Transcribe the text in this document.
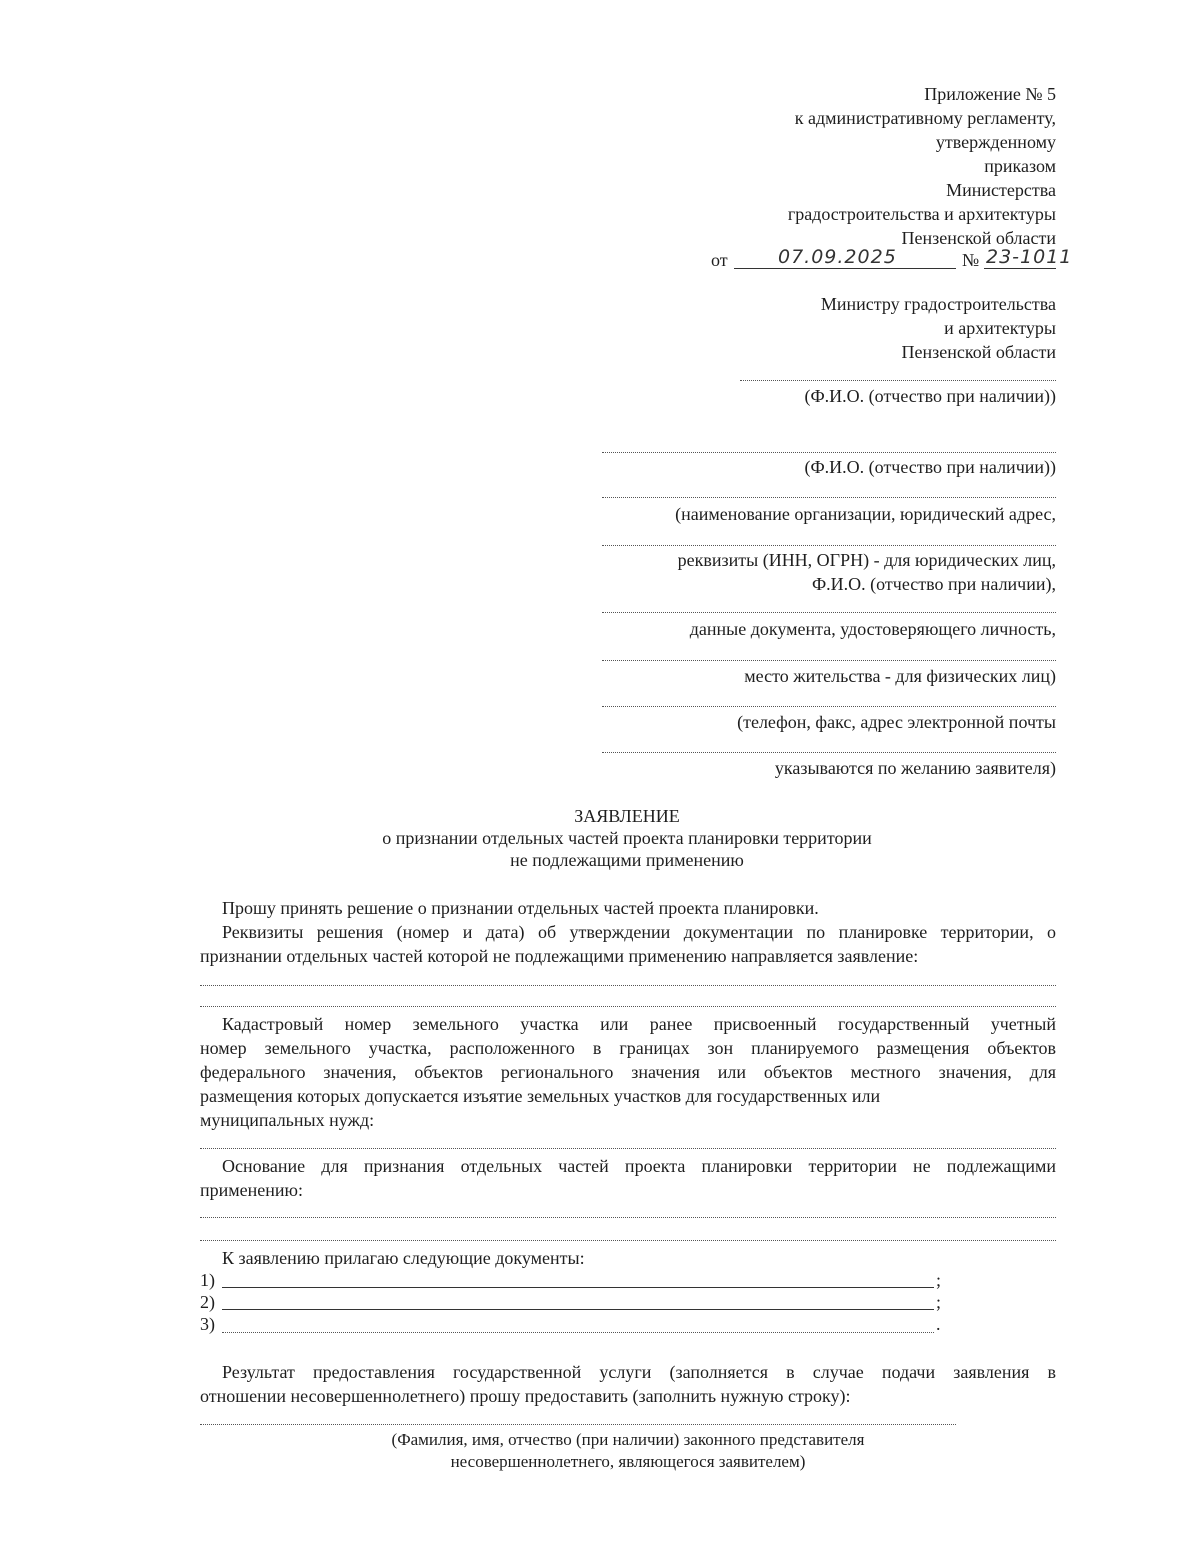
Приложение № 5
к административному регламенту,
утвержденному
приказом
Министерства
градостроительства и архитектуры
Пензенской области
от	07.09.2025	№ 23-1011
Министру градостроительства
и архитектуры
Пензенской области
(Ф.И.О. (отчество при наличии))
(Ф.И.О. (отчество при наличии))
(наименование организации, юридический адрес,
реквизиты (ИНН, ОГРН) - для юридических лиц,
Ф.И.О. (отчество при наличии),
данные документа, удостоверяющего личность,
место жительства - для физических лиц)
(телефон, факс, адрес электронной почты
указываются по желанию заявителя)
ЗАЯВЛЕНИЕ
о признании отдельных частей проекта планировки территории
не подлежащими применению
Прошу принять решение о признании отдельных частей проекта планировки.
Реквизиты решения (номер и дата) об утверждении документации по планировке территории, о
признании отдельных частей которой не подлежащими применению направляется заявление:
Кадастровый номер земельного участка или ранее присвоенный государственный учетный
номер земельного участка, расположенного в границах зон планируемого размещения объектов
федерального значения, объектов регионального значения или объектов местного значения, для
размещения которых допускается изъятие земельных участков для государственных или
муниципальных нужд:
Основание для признания отдельных частей проекта планировки территории не подлежащими
применению:
К заявлению прилагаю следующие документы:
1)	;
2)	;
3)	.
Результат предоставления государственной услуги (заполняется в случае подачи заявления в
отношении несовершеннолетнего) прошу предоставить (заполнить нужную строку):
(Фамилия, имя, отчество (при наличии) законного представителя
несовершеннолетнего, являющегося заявителем)
